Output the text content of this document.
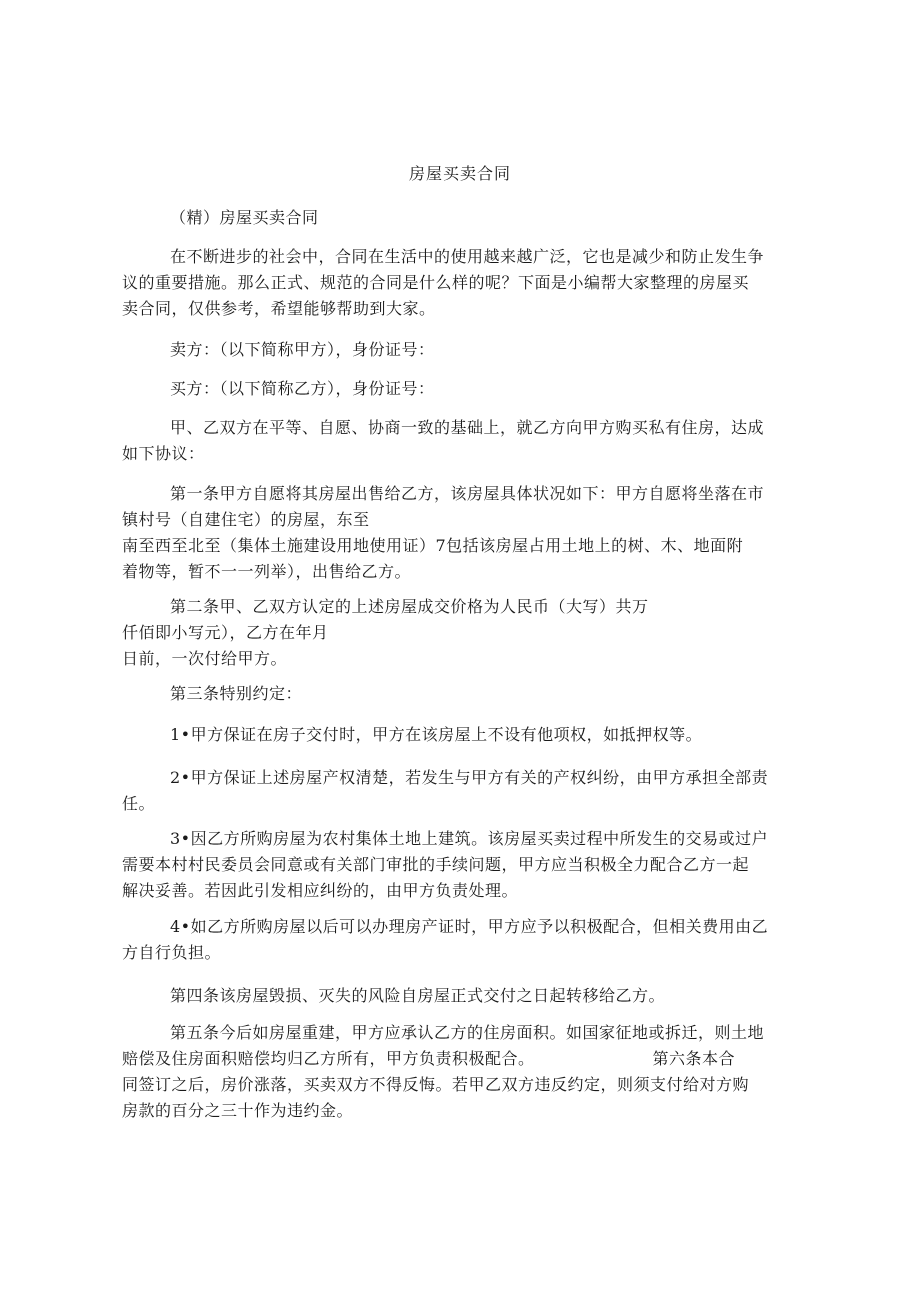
房屋买卖合同
（精）房屋买卖合同
在不断进步的社会中，合同在生活中的使用越来越广泛，它也是减少和防止发生争
议的重要措施。那么正式、规范的合同是什么样的呢？下面是小编帮大家整理的房屋买
卖合同，仅供参考，希望能够帮助到大家。
卖方：（以下简称甲方），身份证号：
买方：（以下简称乙方），身份证号：
甲、乙双方在平等、自愿、协商一致的基础上，就乙方向甲方购买私有住房，达成
如下协议：
第一条甲方自愿将其房屋出售给乙方，该房屋具体状况如下：甲方自愿将坐落在市
镇村号（自建住宅）的房屋，东至
南至西至北至（集体土施建设用地使用证）7包括该房屋占用土地上的树、木、地面附
着物等，暂不一一列举），出售给乙方。
第二条甲、乙双方认定的上述房屋成交价格为人民币（大写）共万
仟佰即小写元），乙方在年月
日前，一次付给甲方。
第三条特别约定：
1•甲方保证在房子交付时，甲方在该房屋上不设有他项权，如抵押权等。
2•甲方保证上述房屋产权清楚，若发生与甲方有关的产权纠纷，由甲方承担全部责
任。
3•因乙方所购房屋为农村集体土地上建筑。该房屋买卖过程中所发生的交易或过户
需要本村村民委员会同意或有关部门审批的手续问题，甲方应当积极全力配合乙方一起
解决妥善。若因此引发相应纠纷的，由甲方负责处理。
4•如乙方所购房屋以后可以办理房产证时，甲方应予以积极配合，但相关费用由乙
方自行负担。
第四条该房屋毁损、灭失的风险自房屋正式交付之日起转移给乙方。
第五条今后如房屋重建，甲方应承认乙方的住房面积。如国家征地或拆迁，则土地
赔偿及住房面积赔偿均归乙方所有，甲方负责积极配合。	第六条本合
同签订之后，房价涨落，买卖双方不得反悔。若甲乙双方违反约定，则须支付给对方购
房款的百分之三十作为违约金。
